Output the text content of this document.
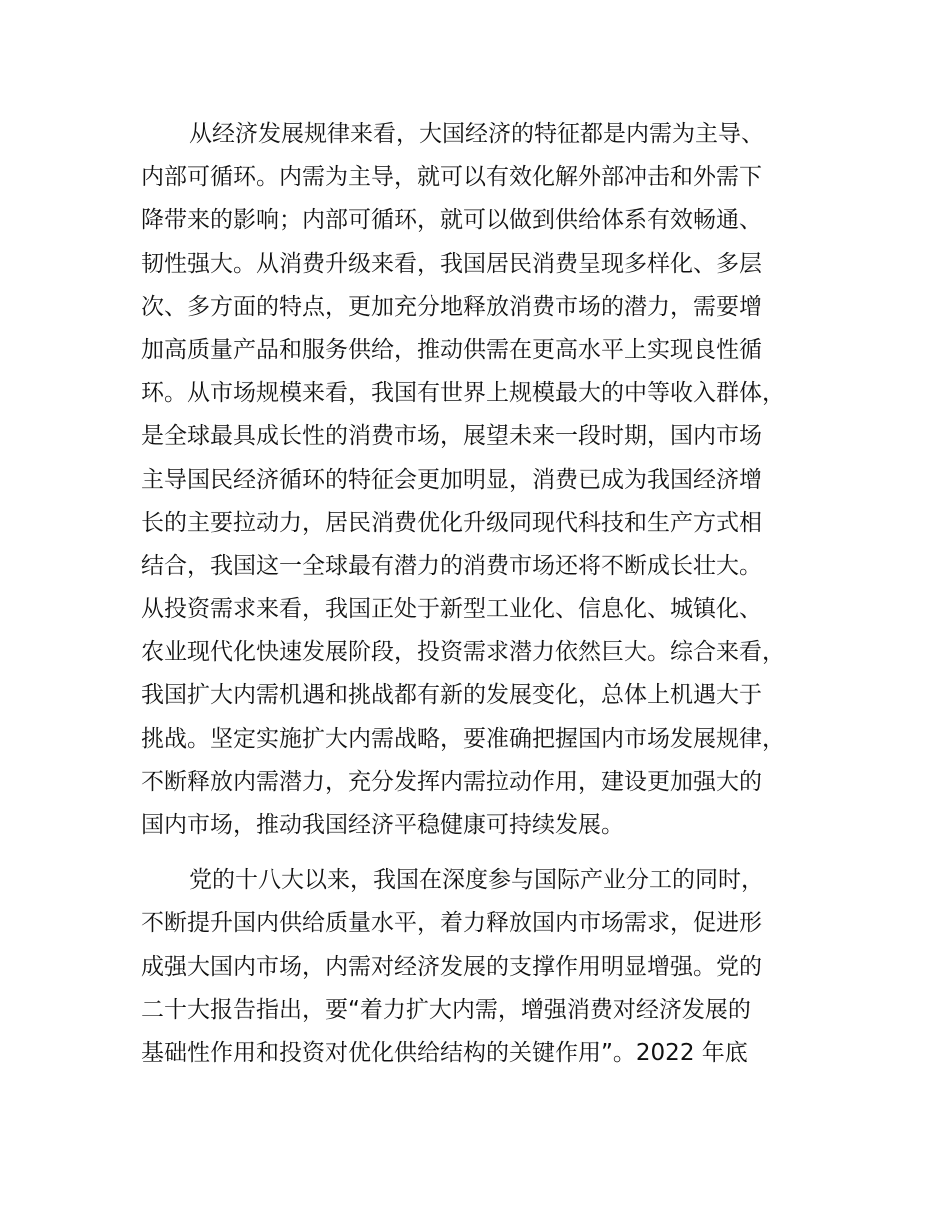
从经济发展规律来看，大国经济的特征都是内需为主导、
内部可循环。内需为主导，就可以有效化解外部冲击和外需下
降带来的影响；内部可循环，就可以做到供给体系有效畅通、
韧性强大。从消费升级来看，我国居民消费呈现多样化、多层
次、多方面的特点，更加充分地释放消费市场的潜力，需要增
加高质量产品和服务供给，推动供需在更高水平上实现良性循
环。从市场规模来看，我国有世界上规模最大的中等收入群体，
是全球最具成长性的消费市场，展望未来一段时期，国内市场
主导国民经济循环的特征会更加明显，消费已成为我国经济增
长的主要拉动力，居民消费优化升级同现代科技和生产方式相
结合，我国这一全球最有潜力的消费市场还将不断成长壮大。
从投资需求来看，我国正处于新型工业化、信息化、城镇化、
农业现代化快速发展阶段，投资需求潜力依然巨大。综合来看，
我国扩大内需机遇和挑战都有新的发展变化，总体上机遇大于
挑战。坚定实施扩大内需战略，要准确把握国内市场发展规律，
不断释放内需潜力，充分发挥内需拉动作用，建设更加强大的
国内市场，推动我国经济平稳健康可持续发展。
党的十八大以来，我国在深度参与国际产业分工的同时，
不断提升国内供给质量水平，着力释放国内市场需求，促进形
成强大国内市场，内需对经济发展的支撑作用明显增强。党的
二十大报告指出，要“着力扩大内需，增强消费对经济发展的
基础性作用和投资对优化供给结构的关键作用”。2022 年底
